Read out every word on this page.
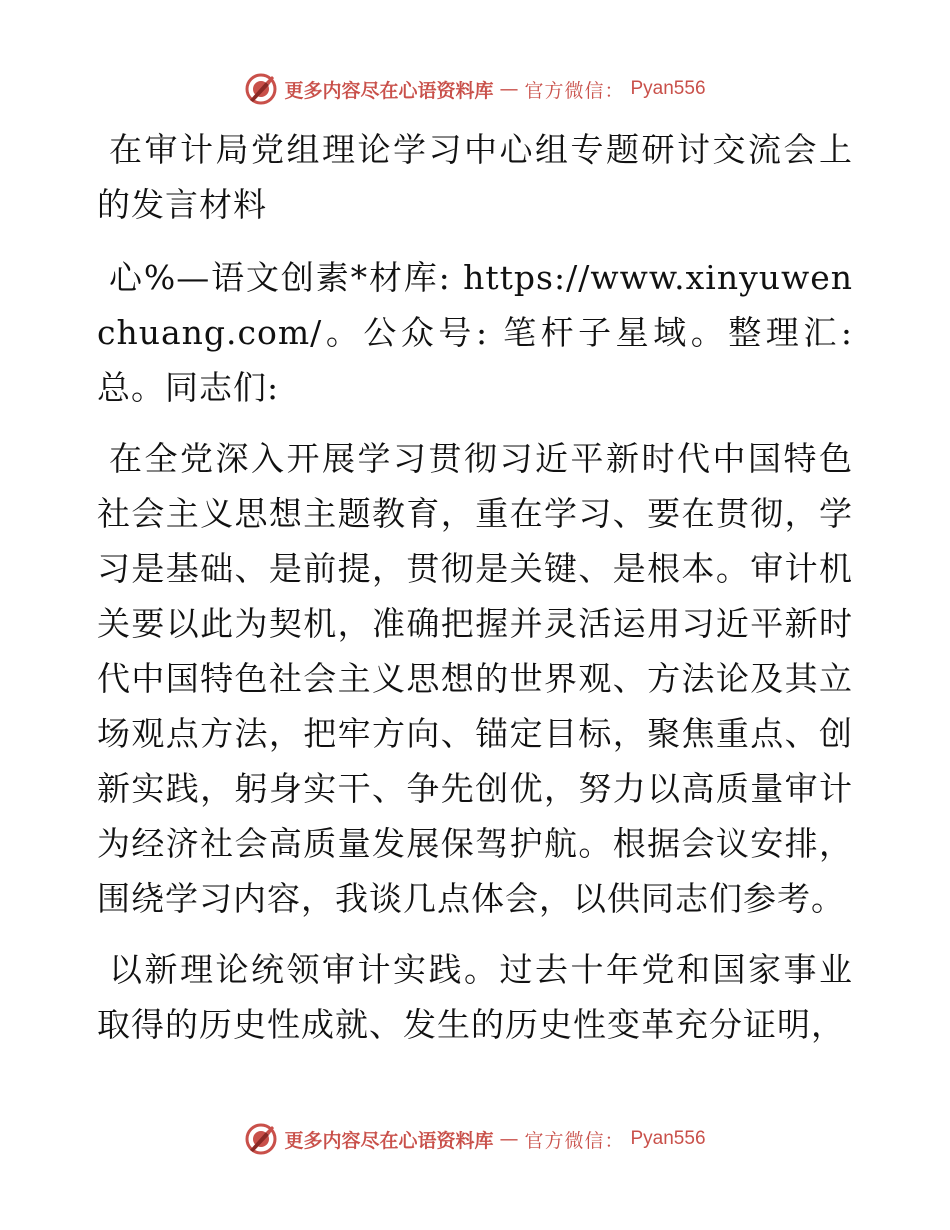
更多内容尽在心语资料库 — 官方微信： Pyan556

在审计局党组理论学习中心组专题研讨交流会上的发言材料

心%—语文创素*材库: https://www.xinyuwenchuang.com/。公众号: 笔杆子星域。整理汇:总。同志们:

在全党深入开展学习贯彻习近平新时代中国特色社会主义思想主题教育，重在学习、要在贯彻，学习是基础、是前提，贯彻是关键、是根本。审计机关要以此为契机，准确把握并灵活运用习近平新时代中国特色社会主义思想的世界观、方法论及其立场观点方法，把牢方向、锚定目标，聚焦重点、创新实践，躬身实干、争先创优，努力以高质量审计为经济社会高质量发展保驾护航。根据会议安排，围绕学习内容，我谈几点体会，以供同志们参考。

以新理论统领审计实践。过去十年党和国家事业取得的历史性成就、发生的历史性变革充分证明，

更多内容尽在心语资料库 — 官方微信： Pyan556
